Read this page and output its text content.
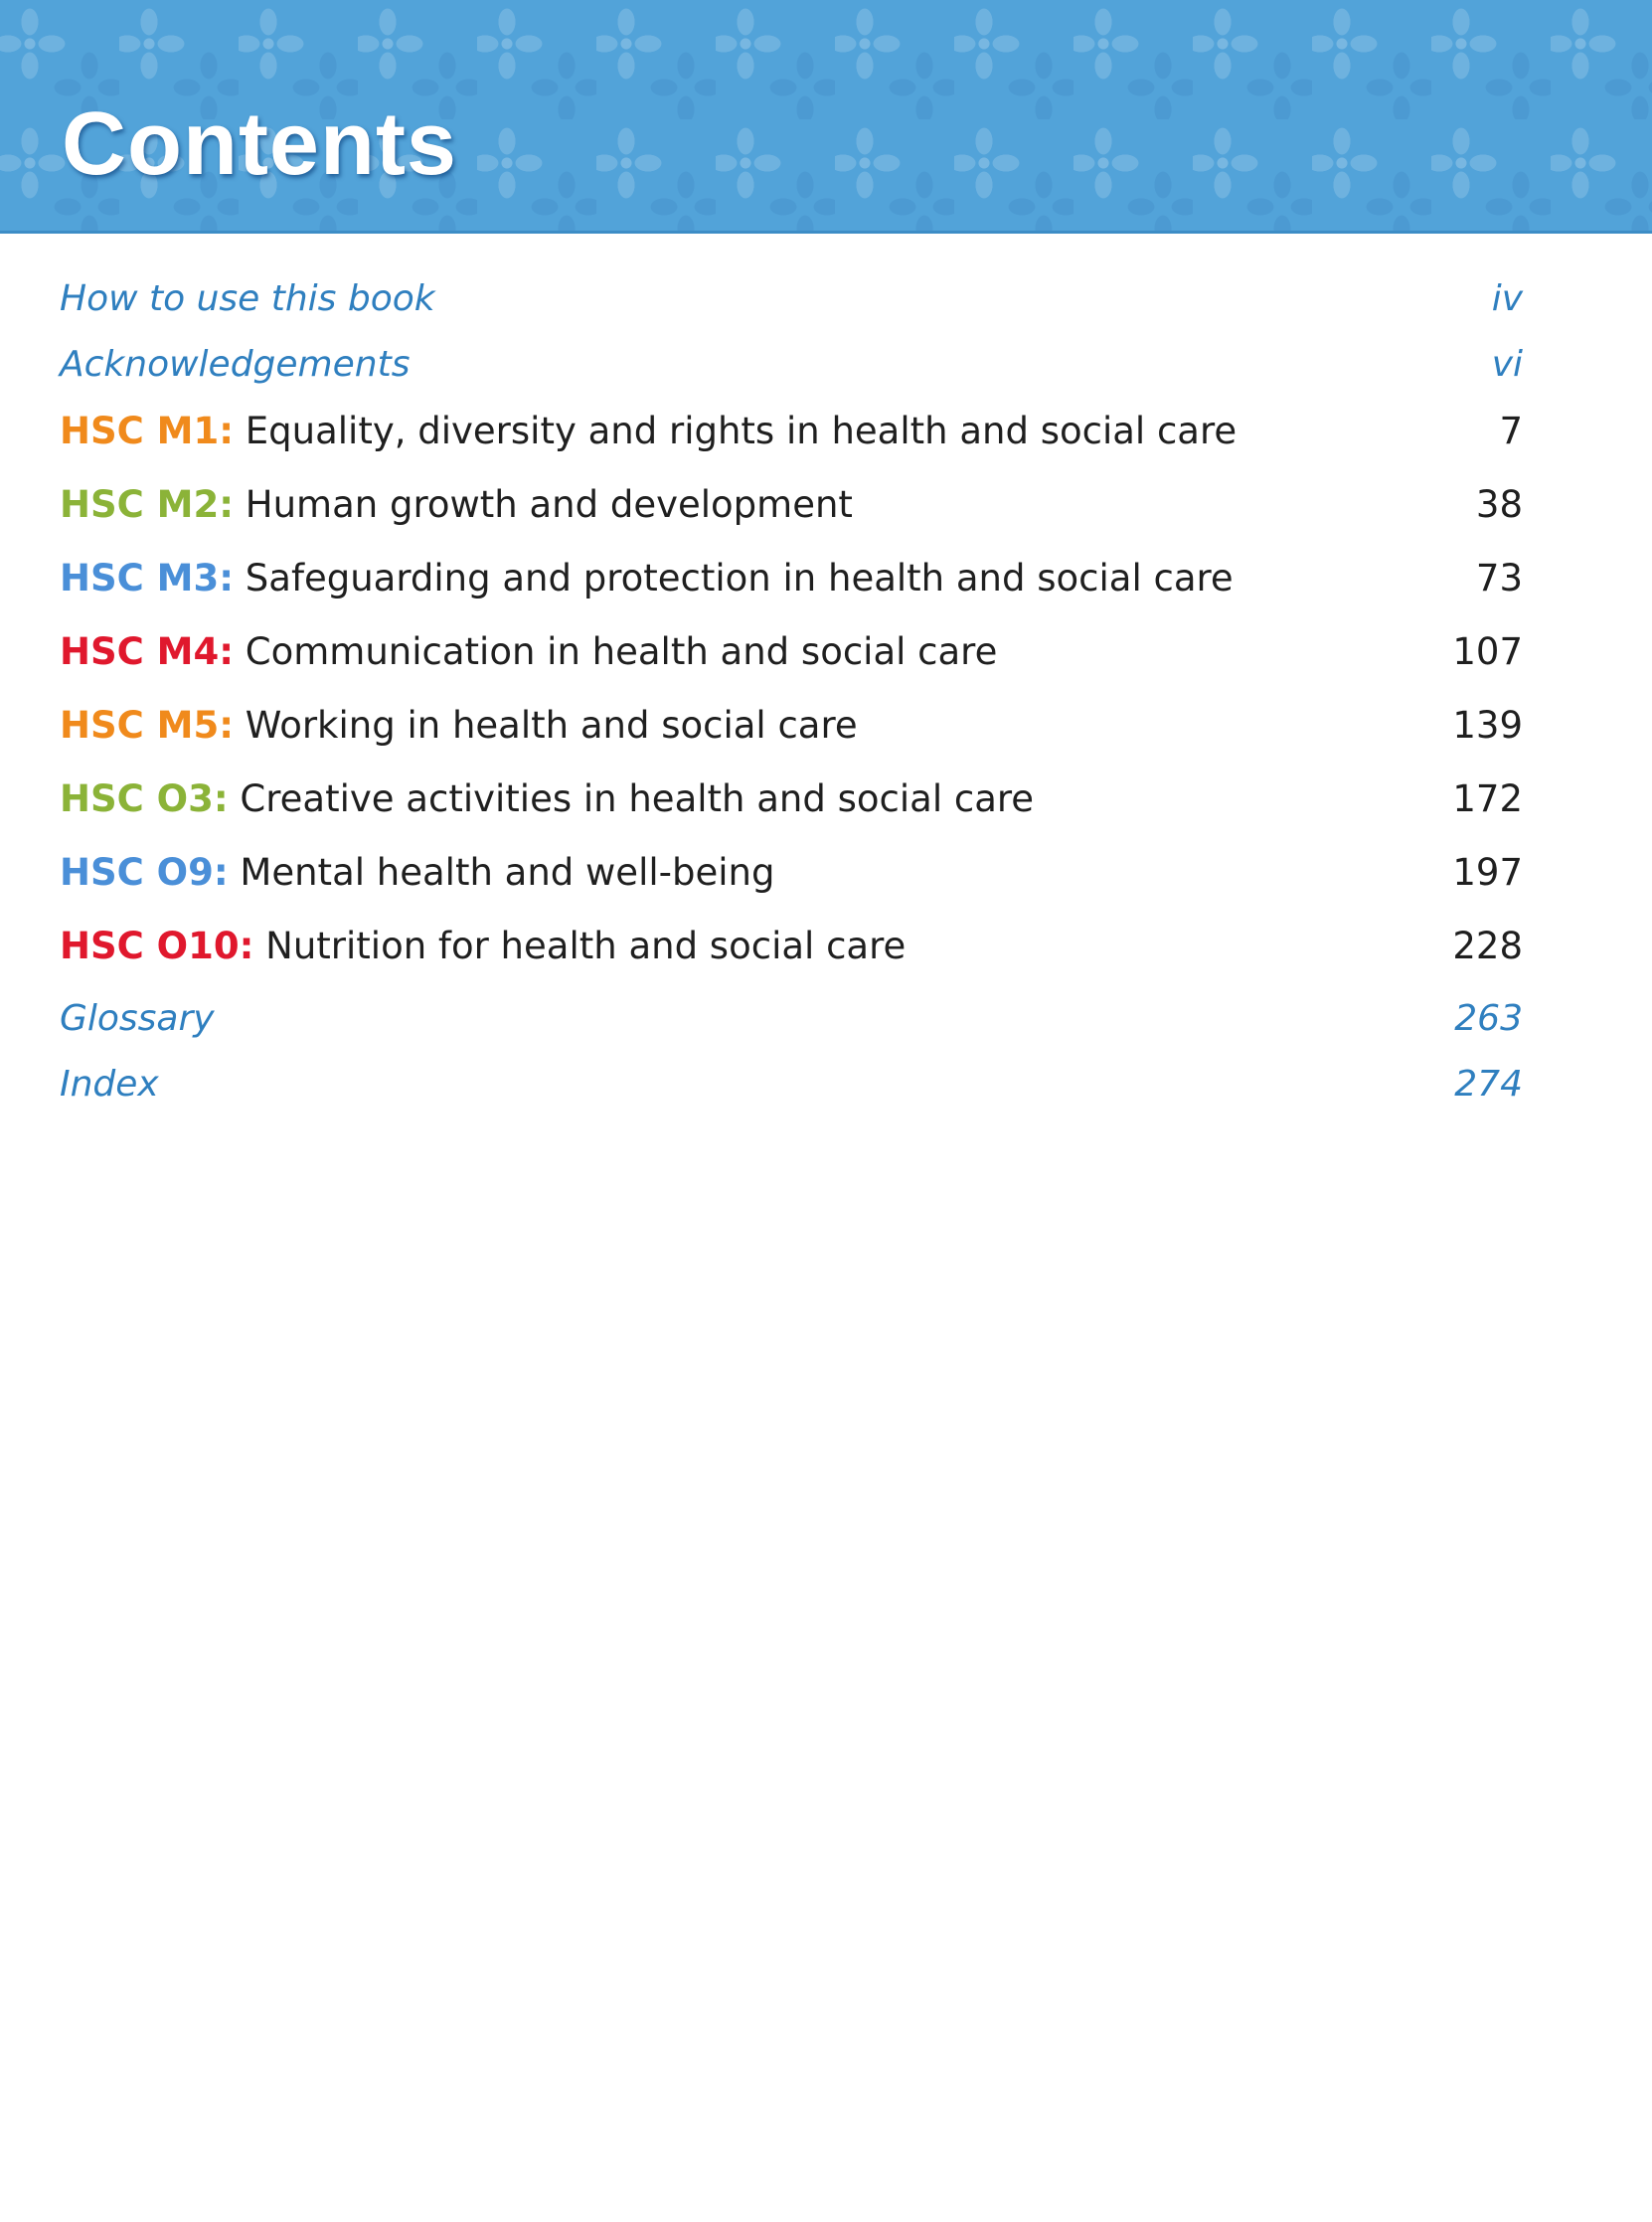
Contents
How to use this book	iv
Acknowledgements	vi
HSC M1: Equality, diversity and rights in health and social care	7
HSC M2: Human growth and development	38
HSC M3: Safeguarding and protection in health and social care	73
HSC M4: Communication in health and social care	107
HSC M5: Working in health and social care	139
HSC O3: Creative activities in health and social care	172
HSC O9: Mental health and well-being	197
HSC O10: Nutrition for health and social care	228
Glossary	263
Index	274
